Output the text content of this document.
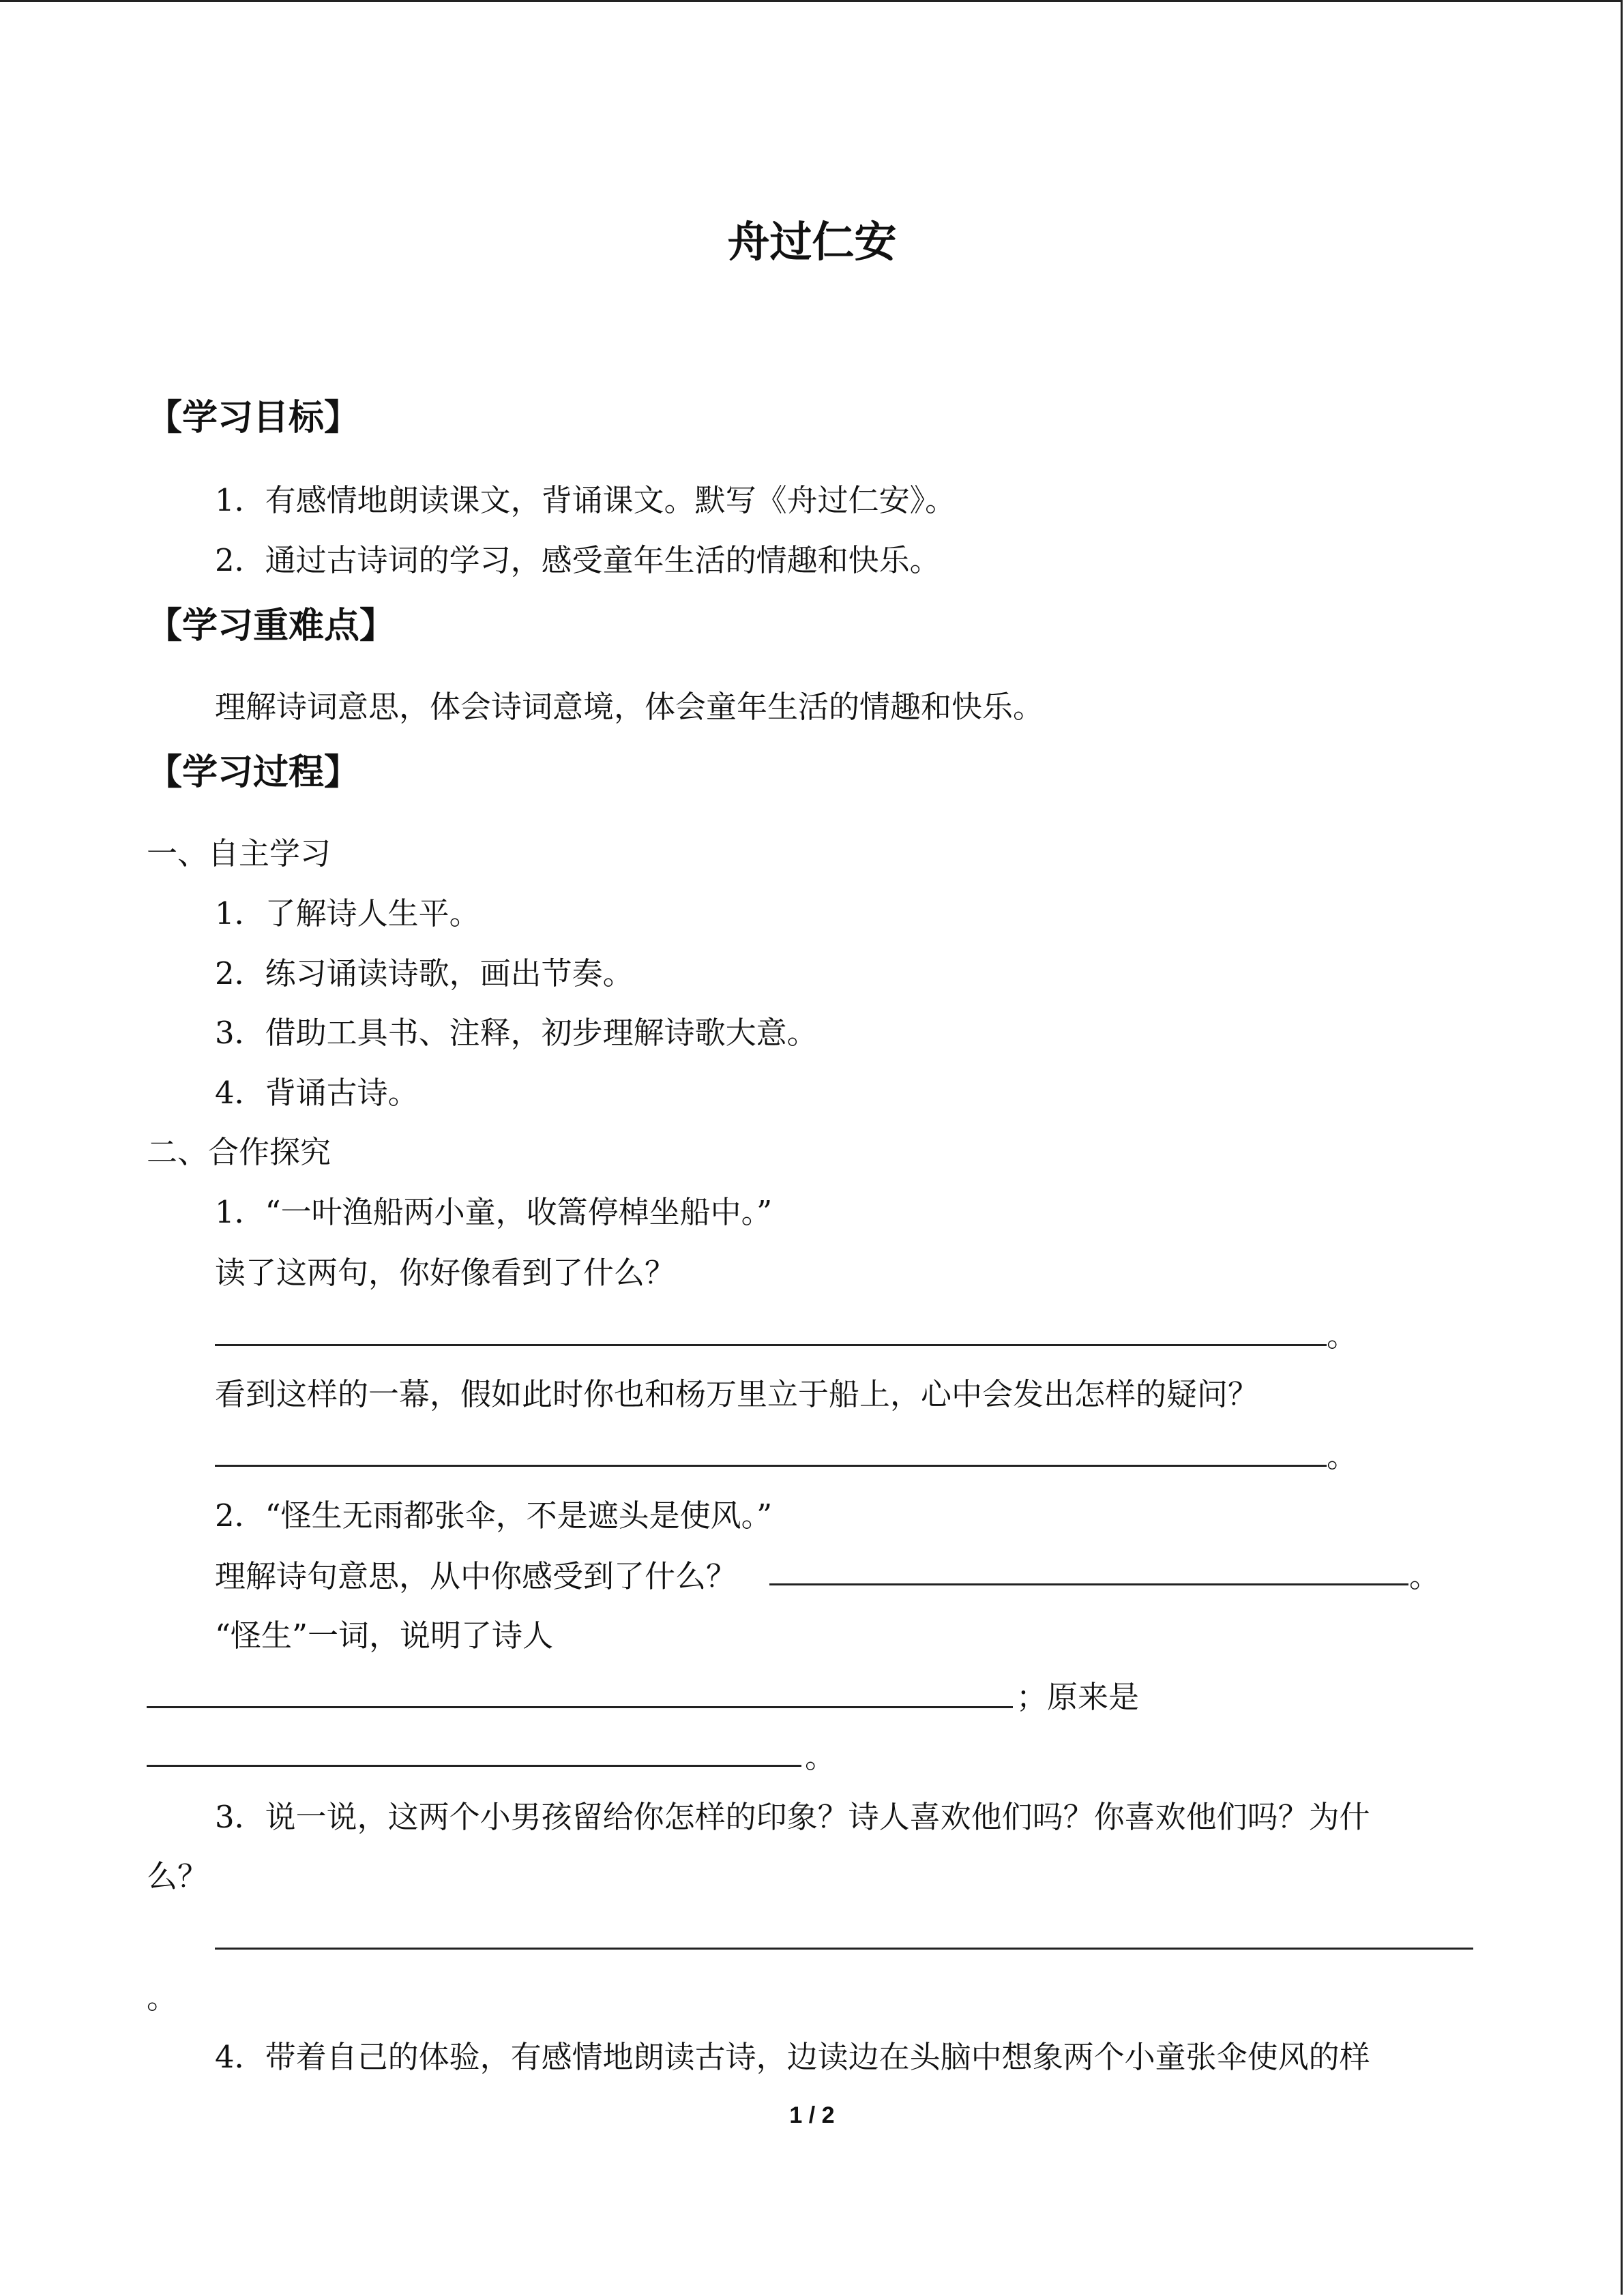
舟过仁安
【学习目标】
1．有感情地朗读课文，背诵课文。默写《舟过仁安》。
2．通过古诗词的学习，感受童年生活的情趣和快乐。
【学习重难点】
理解诗词意思，体会诗词意境，体会童年生活的情趣和快乐。
【学习过程】
一、自主学习
1．了解诗人生平。
2．练习诵读诗歌，画出节奏。
3．借助工具书、注释，初步理解诗歌大意。
4．背诵古诗。
二、合作探究
1．“一叶渔船两小童，收篙停棹坐船中。”
读了这两句，你好像看到了什么？
。
看到这样的一幕，假如此时你也和杨万里立于船上，心中会发出怎样的疑问？
。
2．“怪生无雨都张伞，不是遮头是使风。”
理解诗句意思，从中你感受到了什么？	。
“怪生”一词，说明了诗人
；原来是
。
3．说一说，这两个小男孩留给你怎样的印象？诗人喜欢他们吗？你喜欢他们吗？为什
么？
。
4．带着自己的体验，有感情地朗读古诗，边读边在头脑中想象两个小童张伞使风的样
1 / 2
